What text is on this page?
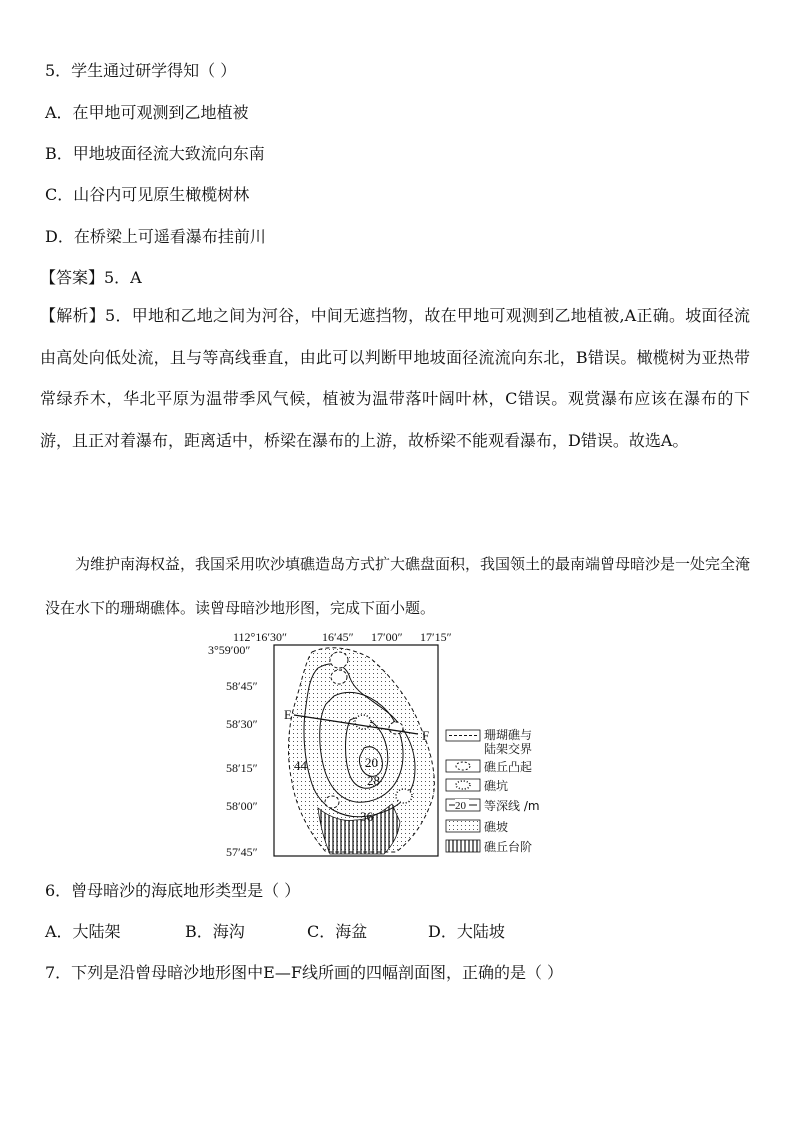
5．学生通过研学得知（ ）
A．在甲地可观测到乙地植被
B．甲地坡面径流大致流向东南
C．山谷内可见原生橄榄树林
D．在桥梁上可遥看瀑布挂前川
【答案】5．A
【解析】5．甲地和乙地之间为河谷，中间无遮挡物，故在甲地可观测到乙地植被,A正确。坡面径流由高处向低处流，且与等高线垂直，由此可以判断甲地坡面径流流向东北，B错误。橄榄树为亚热带常绿乔木，华北平原为温带季风气候，植被为温带落叶阔叶林，C错误。观赏瀑布应该在瀑布的下游，且正对着瀑布，距离适中，桥梁在瀑布的上游，故桥梁不能观看瀑布，D错误。故选A。
为维护南海权益，我国采用吹沙填礁造岛方式扩大礁盘面积，我国领土的最南端曾母暗沙是一处完全淹没在水下的珊瑚礁体。读曾母暗沙地形图，完成下面小题。
112°16′30″	16′45″ 17′00″ 17′15″
3°59′00″
58′45″
58′30″
58′15″
58′00″
57′45″
E
F
44	20
28
36
珊瑚礁与
陆架交界
礁丘凸起
礁坑
20 等深线 /m
礁坡
礁丘台阶
6．曾母暗沙的海底地形类型是（ ）
A．大陆架	B．海沟	C．海盆	D．大陆坡
7．下列是沿曾母暗沙地形图中E—F线所画的四幅剖面图，正确的是（ ）
